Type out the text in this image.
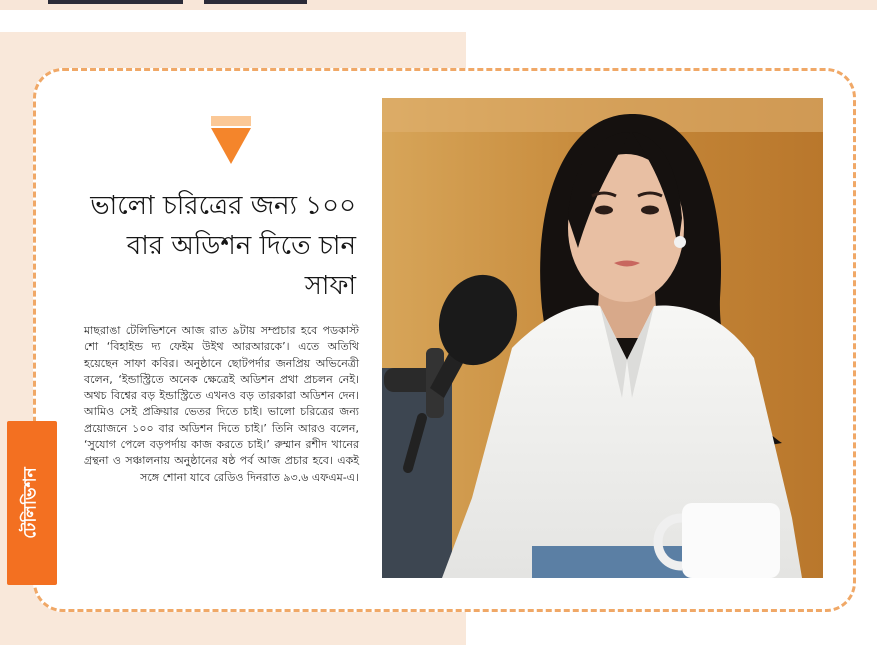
ভালো চরিত্রের জন্য ১০০ বার অডিশন দিতে চান সাফা

মাছরাঙা টেলিভিশনে আজ রাত ৯টায় সম্প্রচার হবে পডকাস্ট শো ‘বিহাইন্ড দ্য ফেইম উইথ আরআরকে’। এতে অতিথি হয়েছেন সাফা কবির। অনুষ্ঠানে ছোটপর্দার জনপ্রিয় অভিনেত্রী বলেন, ‘ইন্ডাস্ট্রিতে অনেক ক্ষেত্রেই অডিশন প্রথা প্রচলন নেই। অথচ বিশ্বের বড় ইন্ডাস্ট্রিতে এখনও বড় তারকারা অডিশন দেন। আমিও সেই প্রক্রিয়ার ভেতর দিতে চাই। ভালো চরিত্রের জন্য প্রয়োজনে ১০০ বার অডিশন দিতে চাই।’ তিনি আরও বলেন, ‘সুযোগ পেলে বড়পর্দায় কাজ করতে চাই।’ রুম্মান রশীদ খানের গ্রন্থনা ও সঞ্চালনায় অনুষ্ঠানের ষষ্ঠ পর্ব আজ প্রচার হবে। একই সঙ্গে শোনা যাবে রেডিও দিনরাত ৯৩.৬ এফএম-এ।

টেলিভিশন
